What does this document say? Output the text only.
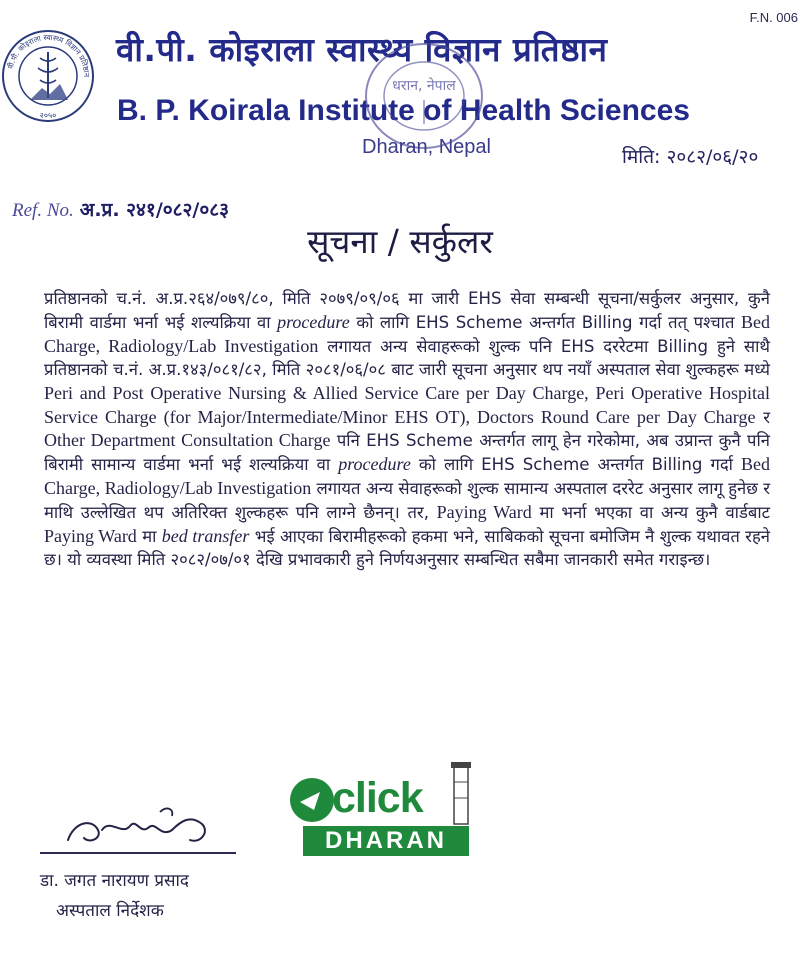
F.N. 006
वी.पी. कोइराला स्वास्थ्य विज्ञान प्रतिष्ठान
२०५०
वी.पी. कोइराला स्वास्थ्य विज्ञान प्रतिष्ठान
B. P. Koirala Institute of Health Sciences
धरान, नेपाल
Dharan, Nepal	मिति: २०८२/०६/२०
Ref. No. अ.प्र. २४१/०८२/०८३
सूचना / सर्कुलर
प्रतिष्ठानको च.नं. अ.प्र.२६४/०७९/८०, मिति २०७९/०९/०६ मा जारी EHS सेवा सम्बन्धी सूचना/सर्कुलर अनुसार, कुनै बिरामी वार्डमा भर्ना भई शल्यक्रिया वा procedure को लागि EHS Scheme अन्तर्गत Billing गर्दा तत् पश्चात Bed Charge, Radiology/Lab Investigation लगायत अन्य सेवाहरूको शुल्क पनि EHS दररेटमा Billing हुने साथै प्रतिष्ठानको च.नं. अ.प्र.१४३/०८१/८२, मिति २०८१/०६/०८ बाट जारी सूचना अनुसार थप नयाँ अस्पताल सेवा शुल्कहरू मध्ये Peri and Post Operative Nursing & Allied Service Care per Day Charge, Peri Operative Hospital Service Charge (for Major/Intermediate/Minor EHS OT), Doctors Round Care per Day Charge र Other Department Consultation Charge पनि EHS Scheme अन्तर्गत लागू हेन गरेकोमा, अब उप्रान्त कुनै पनि बिरामी सामान्य वार्डमा भर्ना भई शल्यक्रिया वा procedure को लागि EHS Scheme अन्तर्गत Billing गर्दा Bed Charge, Radiology/Lab Investigation लगायत अन्य सेवाहरूको शुल्क सामान्य अस्पताल दररेट अनुसार लागू हुनेछ र माथि उल्लेखित थप अतिरिक्त शुल्कहरू पनि लाग्ने छैनन्। तर, Paying Ward मा भर्ना भएका वा अन्य कुनै वार्डबाट Paying Ward मा bed transfer भई आएका बिरामीहरूको हकमा भने, साबिकको सूचना बमोजिम नै शुल्क यथावत रहने छ। यो व्यवस्था मिति २०८२/०७/०१ देखि प्रभावकारी हुने निर्णयअनुसार सम्बन्धित सबैमा जानकारी समेत गराइन्छ।
डा. जगत नारायण प्रसाद
अस्पताल निर्देशक
click
DHARAN
